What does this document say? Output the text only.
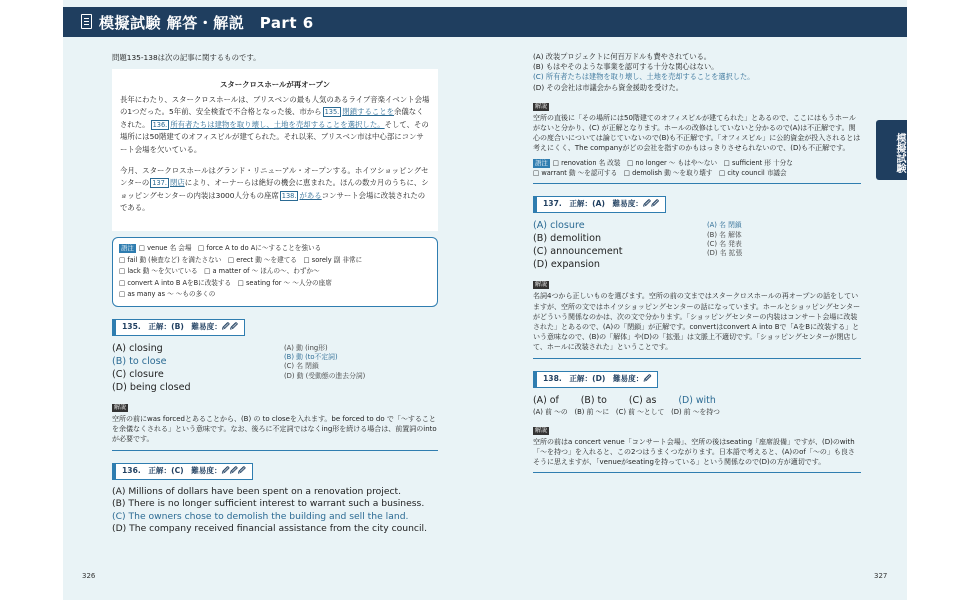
模擬試験 解答・解説　Part 6
模擬試験
問題135-138は次の記事に関するものです。
スタークロスホールが再オープン
長年にわたり、スタークロスホールは、ブリスベンの最も人気のあるライブ音楽イベント会場の1つだった。5年前、安全検査で不合格となった後、市から 135. 閉鎖することを余儀なくされた。 136. 所有者たちは建物を取り壊し、土地を売却することを選択した。そして、その場所には50階建てのオフィスビルが建てられた。それ以来、ブリスベン市は中心部にコンサート会場を欠いている。
今月、スタークロスホールはグランド・リニューアル・オープンする。ホイツショッピングセンターの 137. 閉店により、オーナーらは絶好の機会に恵まれた。ほんの数カ月のうちに、ショッピングセンターの内装は3000人分もの座席 138. があるコンサート会場に改装されたのである。
語注 □ venue 名 会場　□ force A to do Aに～することを強いる
□ fail 動 (検査など) を満たさない　□ erect 動 ～を建てる　□ sorely 副 非常に
□ lack 動 ～を欠いている　□ a matter of ～ ほんの～、わずか～
□ convert A into B AをBに改装する　□ seating for ～ ～人分の座席
□ as many as ～ ～もの多くの
135.　正解：(B)　難易度：🖉🖉
(A) closing
(B) to close
(C) closure
(D) being closed
(A) 動 (ing形)
(B) 動 (to不定詞)
(C) 名 閉鎖
(D) 動 (受動態の進去分詞)
解説
空所の前にwas forcedとあることから、(B) の to closeを入れます。be forced to do で「～することを余儀なくされる」という意味です。なお、後ろに不定詞ではなくing形を続ける場合は、前置詞のintoが必要です。
136.　正解：(C)　難易度：🖉🖉🖉
(A) Millions of dollars have been spent on a renovation project.
(B) There is no longer sufficient interest to warrant such a business.
(C) The owners chose to demolish the building and sell the land.
(D) The company received financial assistance from the city council.
(A) 改装プロジェクトに何百万ドルも費やされている。
(B) もはやそのような事業を認可する十分な関心はない。
(C) 所有者たちは建物を取り壊し、土地を売却することを選択した。
(D) その会社は市議会から資金援助を受けた。
解説
空所の直後に「その場所には50階建てのオフィスビルが建てられた」とあるので、ここにはもうホールがないと分かり、(C) が正解となります。ホールの改修はしていないと分かるので(A)は不正解です。関心の度合いについては論じていないので(B)も不正解です。「オフィスビル」に公的資金が投入されるとは考えにくく、The companyがどの会社を指すのかもはっきりさせられないので、(D)も不正解です。
語注 □ renovation 名 改装　□ no longer ～ もはや～ない　□ sufficient 形 十分な
□ warrant 動 ～を認可する　□ demolish 動 ～を取り壊す　□ city council 市議会
137.　正解：(A)　難易度：🖉🖉
(A) closure
(B) demolition
(C) announcement
(D) expansion
(A) 名 閉鎖
(B) 名 解体
(C) 名 発表
(D) 名 拡張
解説
名詞4つから正しいものを選びます。空所の前の文まではスタークロスホールの再オープンの話をしていますが、空所の文ではホイツショッピングセンターの話になっています。ホールとショッピングセンターがどういう関係なのかは、次の文で分かります。「ショッピングセンターの内装はコンサート会場に改装された」とあるので、(A)の「閉鎖」が正解です。convertはconvert A into Bで「AをBに改装する」という意味なので、(B)の「解体」や(D)の「拡張」は文脈上不適切です。「ショッピングセンターが閉店して、ホールに改装された」ということです。
138.　正解：(D)　難易度：🖉
(A) of (B) to (C) as (D) with
(A) 前 ～の　(B) 前 ～に　(C) 前 ～として　(D) 前 ～を持つ
解説
空所の前はa concert venue「コンサート会場」、空所の後はseating「座席設備」ですが、(D)のwith「～を持つ」を入れると、この2つはうまくつながります。日本語で考えると、(A)のof「～の」も良さそうに思えますが、「venueがseatingを持っている」という関係なので(D)の方が適切です。
326	327
